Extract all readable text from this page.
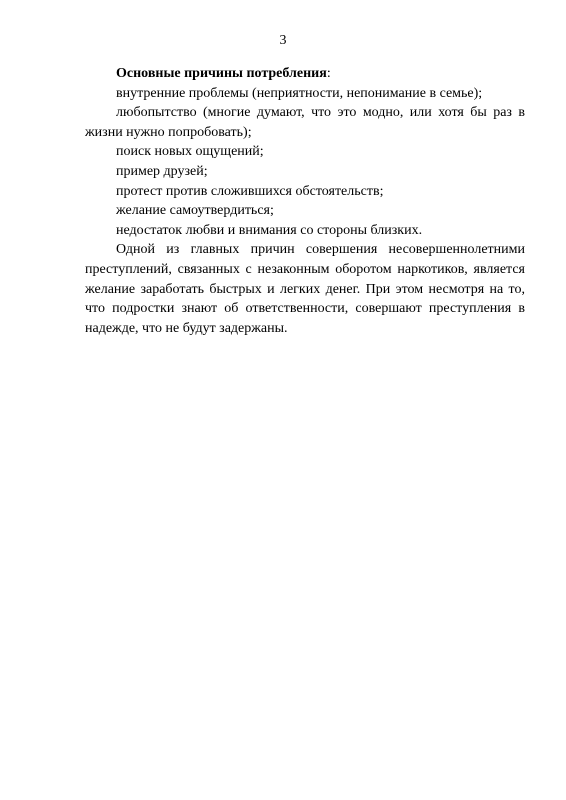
3

Основные причины потребления:

внутренние проблемы (неприятности, непонимание в семье);

любопытство (многие думают, что это модно, или хотя бы раз в жизни нужно попробовать);

поиск новых ощущений;

пример друзей;

протест против сложившихся обстоятельств;

желание самоутвердиться;

недостаток любви и внимания со стороны близких.

Одной из главных причин совершения несовершеннолетними преступлений, связанных с незаконным оборотом наркотиков, является желание заработать быстрых и легких денег. При этом несмотря на то, что подростки знают об ответственности, совершают преступления в надежде, что не будут задержаны.
